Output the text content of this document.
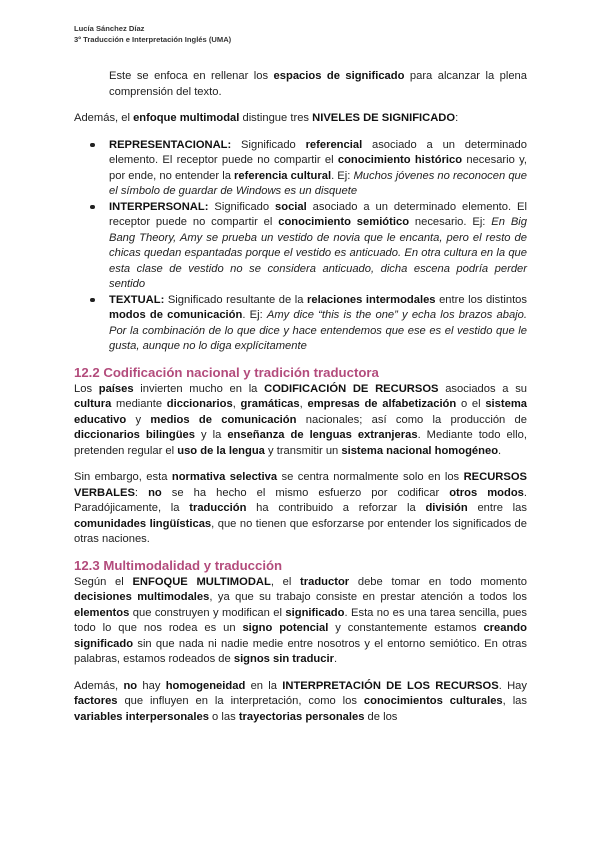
Lucía Sánchez Díaz
3º Traducción e Interpretación Inglés (UMA)

Este se enfoca en rellenar los espacios de significado para alcanzar la plena comprensión del texto.

Además, el enfoque multimodal distingue tres NIVELES DE SIGNIFICADO:

REPRESENTACIONAL: Significado referencial asociado a un determinado elemento. El receptor puede no compartir el conocimiento histórico necesario y, por ende, no entender la referencia cultural. Ej: Muchos jóvenes no reconocen que el símbolo de guardar de Windows es un disquete
INTERPERSONAL: Significado social asociado a un determinado elemento. El receptor puede no compartir el conocimiento semiótico necesario. Ej: En Big Bang Theory, Amy se prueba un vestido de novia que le encanta, pero el resto de chicas quedan espantadas porque el vestido es anticuado. En otra cultura en la que esta clase de vestido no se considera anticuado, dicha escena podría perder sentido
TEXTUAL: Significado resultante de la relaciones intermodales entre los distintos modos de comunicación. Ej: Amy dice “this is the one” y echa los brazos abajo. Por la combinación de lo que dice y hace entendemos que ese es el vestido que le gusta, aunque no lo diga explícitamente
12.2 Codificación nacional y tradición traductora

Los países invierten mucho en la CODIFICACIÓN DE RECURSOS asociados a su cultura mediante diccionarios, gramáticas, empresas de alfabetización o el sistema educativo y medios de comunicación nacionales; así como la producción de diccionarios bilingües y la enseñanza de lenguas extranjeras. Mediante todo ello, pretenden regular el uso de la lengua y transmitir un sistema nacional homogéneo.

Sin embargo, esta normativa selectiva se centra normalmente solo en los RECURSOS VERBALES: no se ha hecho el mismo esfuerzo por codificar otros modos. Paradójicamente, la traducción ha contribuido a reforzar la división entre las comunidades lingüísticas, que no tienen que esforzarse por entender los significados de otras naciones.

12.3 Multimodalidad y traducción

Según el ENFOQUE MULTIMODAL, el traductor debe tomar en todo momento decisiones multimodales, ya que su trabajo consiste en prestar atención a todos los elementos que construyen y modifican el significado. Esta no es una tarea sencilla, pues todo lo que nos rodea es un signo potencial y constantemente estamos creando significado sin que nada ni nadie medie entre nosotros y el entorno semiótico. En otras palabras, estamos rodeados de signos sin traducir.

Además, no hay homogeneidad en la INTERPRETACIÓN DE LOS RECURSOS. Hay factores que influyen en la interpretación, como los conocimientos culturales, las variables interpersonales o las trayectorias personales de los
